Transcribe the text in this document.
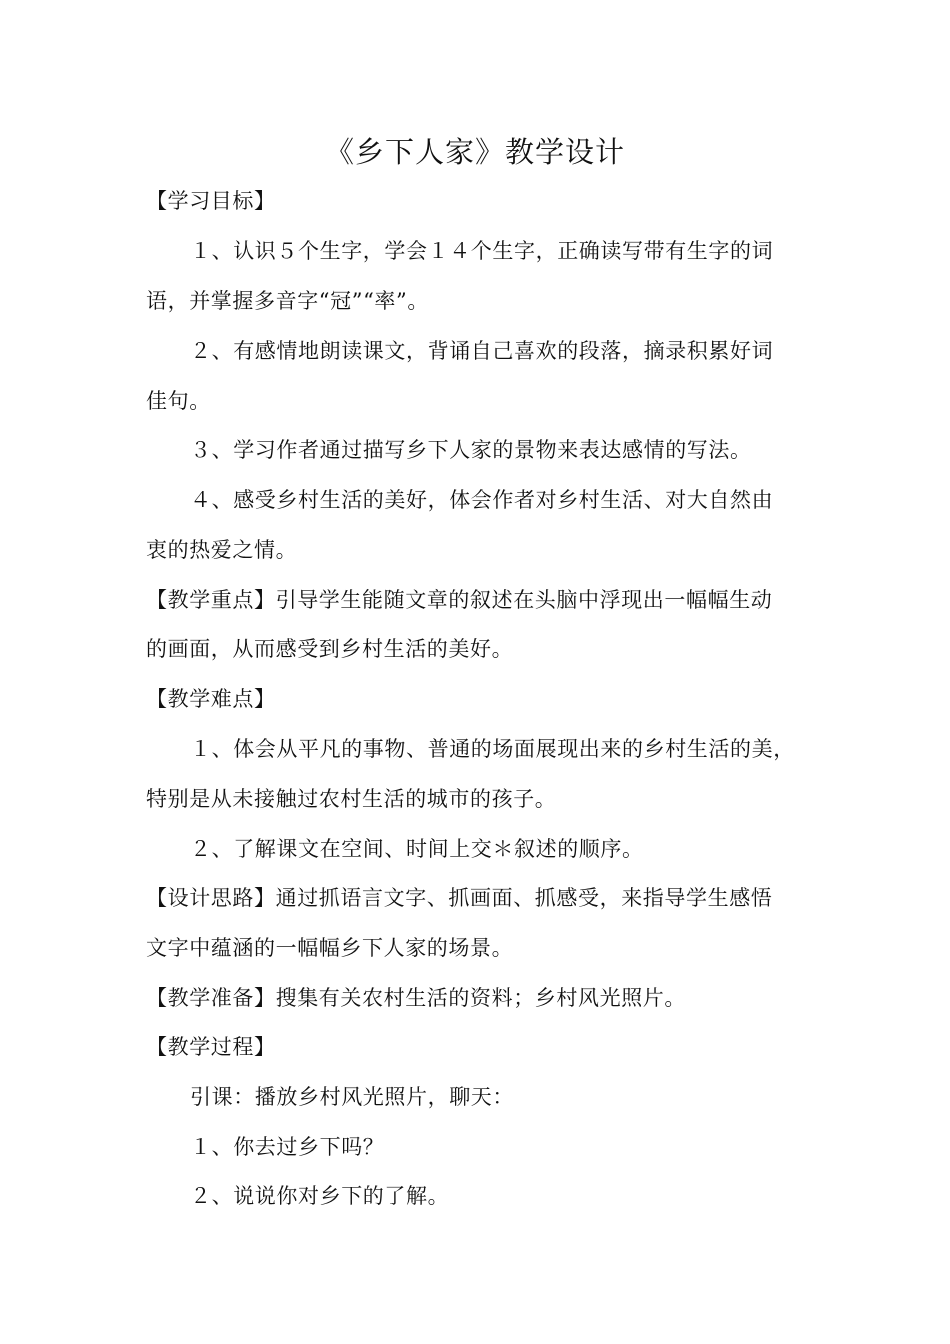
《乡下人家》教学设计
【学习目标】
１、认识５个生字，学会１４个生字，正确读写带有生字的词
语，并掌握多音字“冠”“率”。
２、有感情地朗读课文，背诵自己喜欢的段落，摘录积累好词
佳句。
３、学习作者通过描写乡下人家的景物来表达感情的写法。
４、感受乡村生活的美好，体会作者对乡村生活、对大自然由
衷的热爱之情。
【教学重点】引导学生能随文章的叙述在头脑中浮现出一幅幅生动
的画面，从而感受到乡村生活的美好。
【教学难点】
１、体会从平凡的事物、普通的场面展现出来的乡村生活的美，
特别是从未接触过农村生活的城市的孩子。
２、了解课文在空间、时间上交＊叙述的顺序。
【设计思路】通过抓语言文字、抓画面、抓感受，来指导学生感悟
文字中蕴涵的一幅幅乡下人家的场景。
【教学准备】搜集有关农村生活的资料；乡村风光照片。
【教学过程】
引课：播放乡村风光照片，聊天：
１、你去过乡下吗？
２、说说你对乡下的了解。
